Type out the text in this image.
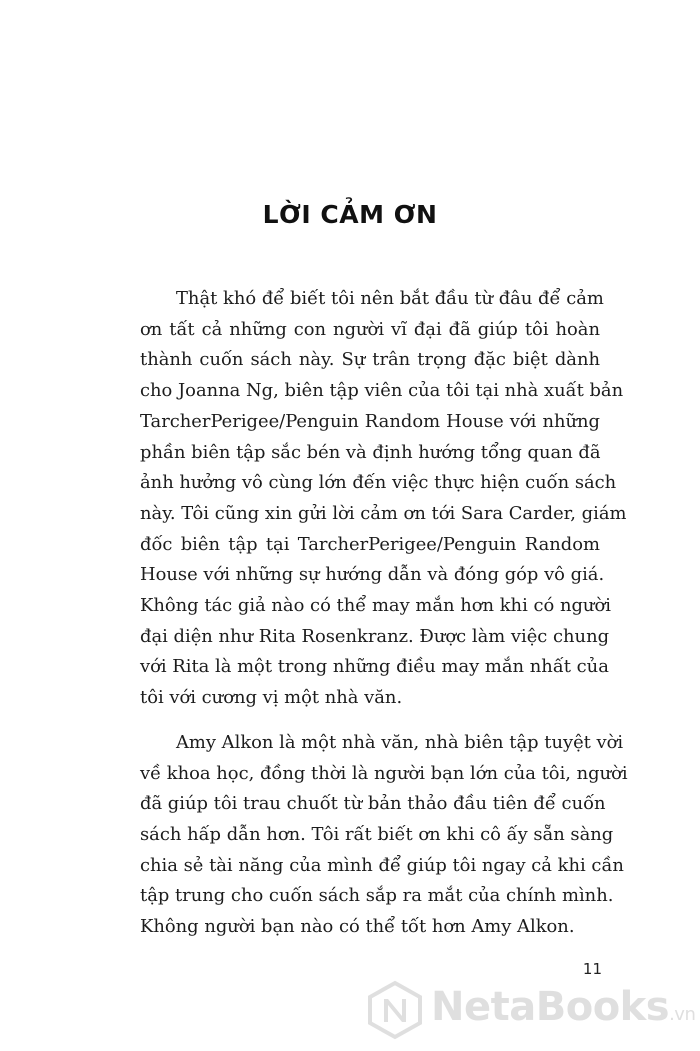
LỜI CẢM ƠN

Thật khó để biết tôi nên bắt đầu từ đâu để cảm
ơn tất cả những con người vĩ đại đã giúp tôi hoàn
thành cuốn sách này. Sự trân trọng đặc biệt dành
cho Joanna Ng, biên tập viên của tôi tại nhà xuất bản
TarcherPerigee/Penguin Random House với những
phần biên tập sắc bén và định hướng tổng quan đã
ảnh hưởng vô cùng lớn đến việc thực hiện cuốn sách
này. Tôi cũng xin gửi lời cảm ơn tới Sara Carder, giám
đốc biên tập tại TarcherPerigee/Penguin Random
House với những sự hướng dẫn và đóng góp vô giá.
Không tác giả nào có thể may mắn hơn khi có người
đại diện như Rita Rosenkranz. Được làm việc chung
với Rita là một trong những điều may mắn nhất của
tôi với cương vị một nhà văn.

Amy Alkon là một nhà văn, nhà biên tập tuyệt vời
về khoa học, đồng thời là người bạn lớn của tôi, người
đã giúp tôi trau chuốt từ bản thảo đầu tiên để cuốn
sách hấp dẫn hơn. Tôi rất biết ơn khi cô ấy sẵn sàng
chia sẻ tài năng của mình để giúp tôi ngay cả khi cần
tập trung cho cuốn sách sắp ra mắt của chính mình.
Không người bạn nào có thể tốt hơn Amy Alkon.

11
NetaBooks.vn
